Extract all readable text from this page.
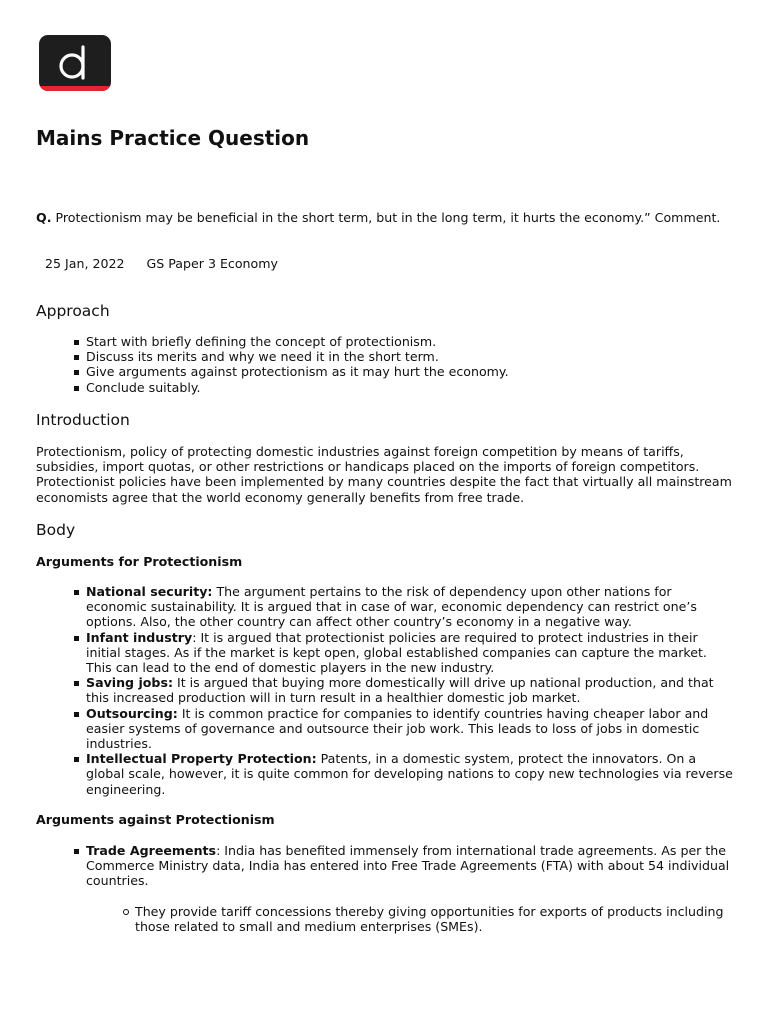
Mains Practice Question

Q. Protectionism may be beneficial in the short term, but in the long term, it hurts the economy.” Comment.

25 Jan, 2022 GS Paper 3 Economy

Approach
Start with briefly defining the concept of protectionism.
Discuss its merits and why we need it in the short term.
Give arguments against protectionism as it may hurt the economy.
Conclude suitably.
Introduction

Protectionism, policy of protecting domestic industries against foreign competition by means of tariffs, subsidies, import quotas, or other restrictions or handicaps placed on the imports of foreign competitors. Protectionist policies have been implemented by many countries despite the fact that virtually all mainstream economists agree that the world economy generally benefits from free trade.

Body
Arguments for Protectionism
National security: The argument pertains to the risk of dependency upon other nations for economic sustainability. It is argued that in case of war, economic dependency can restrict one’s options. Also, the other country can affect other country’s economy in a negative way.
Infant industry: It is argued that protectionist policies are required to protect industries in their initial stages. As if the market is kept open, global established companies can capture the market. This can lead to the end of domestic players in the new industry.
Saving jobs: It is argued that buying more domestically will drive up national production, and that this increased production will in turn result in a healthier domestic job market.
Outsourcing: It is common practice for companies to identify countries having cheaper labor and easier systems of governance and outsource their job work. This leads to loss of jobs in domestic industries.
Intellectual Property Protection: Patents, in a domestic system, protect the innovators. On a global scale, however, it is quite common for developing nations to copy new technologies via reverse engineering.
Arguments against Protectionism
Trade Agreements: India has benefited immensely from international trade agreements. As per the Commerce Ministry data, India has entered into Free Trade Agreements (FTA) with about 54 individual countries.
They provide tariff concessions thereby giving opportunities for exports of products including those related to small and medium enterprises (SMEs).
